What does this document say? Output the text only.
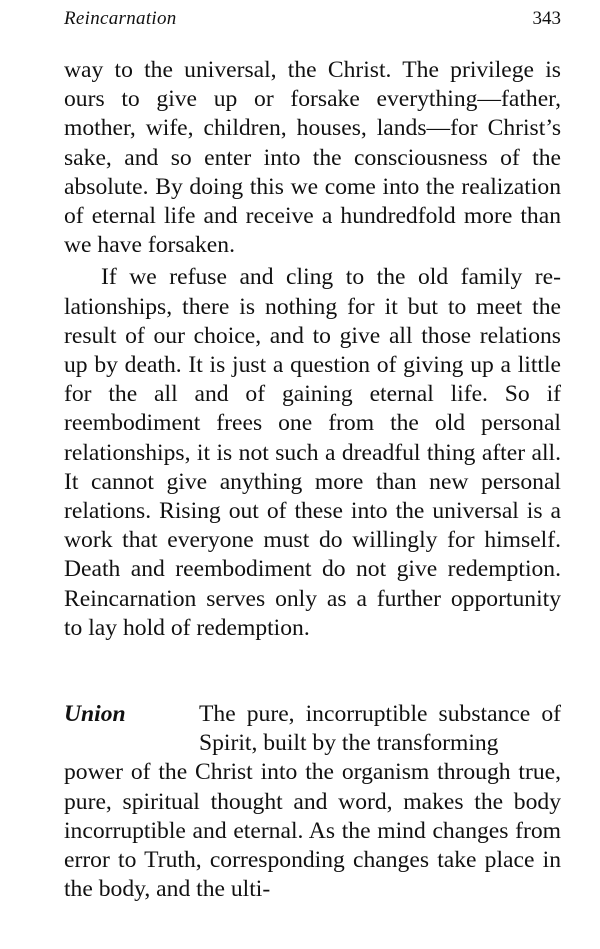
Reincarnation	343

way to the universal, the Christ. The privilege is ours to give up or forsake everything—father, mother, wife, children, houses, lands—for Christ’s sake, and so enter into the consciousness of the absolute. By doing this we come into the realization of eternal life and receive a hundredfold more than we have forsaken.

If we refuse and cling to the old family relationships, there is nothing for it but to meet the result of our choice, and to give all those relations up by death. It is just a question of giving up a little for the all and of gaining eternal life. So if reembodiment frees one from the old personal relationships, it is not such a dreadful thing after all. It cannot give anything more than new personal relations. Rising out of these into the universal is a work that everyone must do willingly for himself. Death and reembodiment do not give redemption. Reincarnation serves only as a further opportunity to lay hold of redemption.

Union	The pure, incorruptible substance of Spirit, built by the transforming

power of the Christ into the organism through true, pure, spiritual thought and word, makes the body incorruptible and eternal. As the mind changes from error to Truth, corresponding changes take place in the body, and the ulti-
